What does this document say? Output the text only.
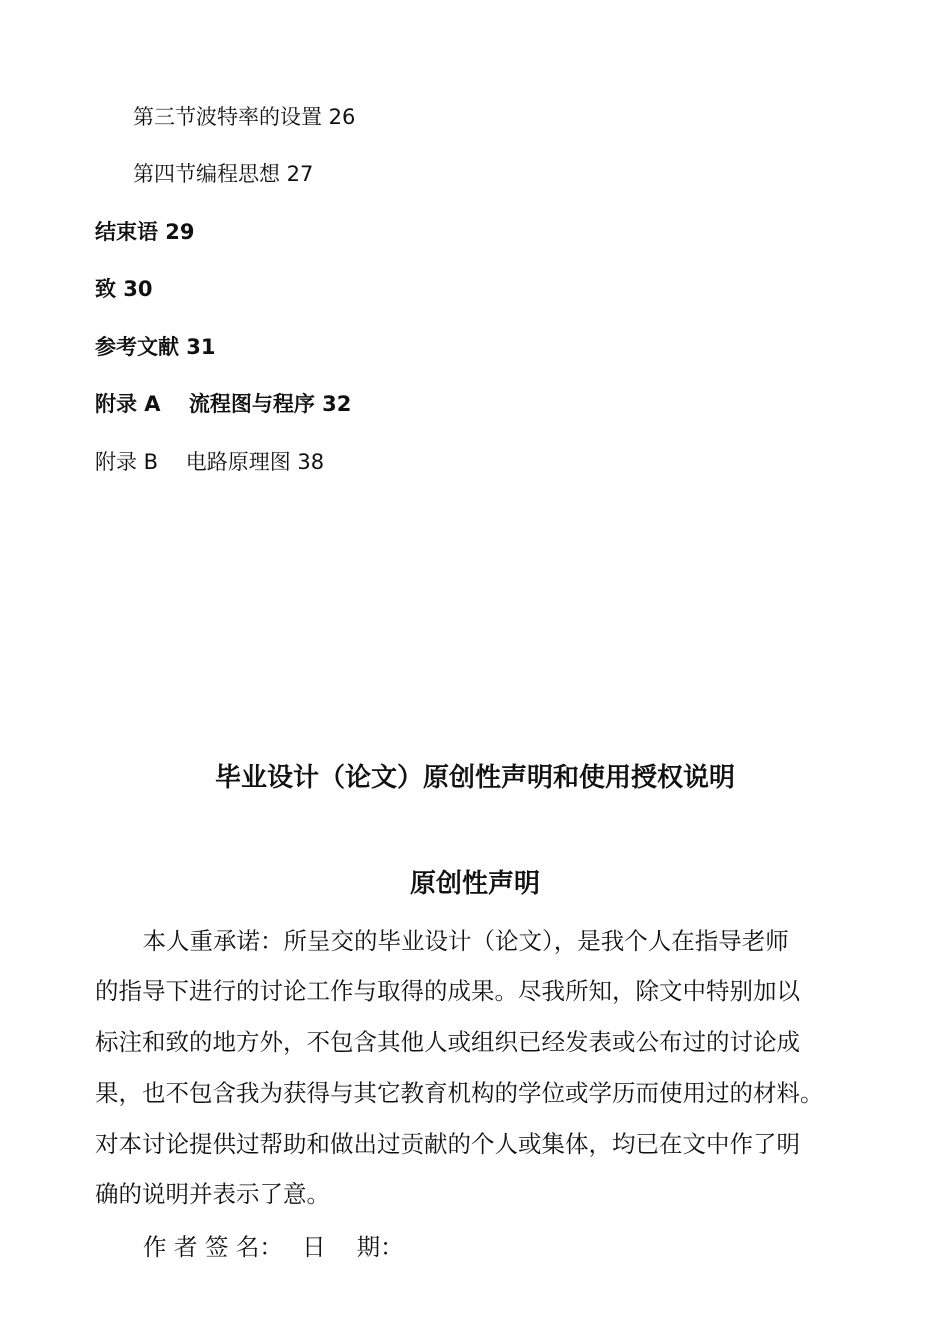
第三节波特率的设置 26
第四节编程思想 27
结束语 29
致 30
参考文献 31
附录 A　 流程图与程序 32
附录 B　 电路原理图 38
毕业设计（论文）原创性声明和使用授权说明
原创性声明
　本人重承诺：所呈交的毕业设计（论文），是我个人在指导老师
的指导下进行的讨论工作与取得的成果。尽我所知，除文中特别加以
标注和致的地方外，不包含其他人或组织已经发表或公布过的讨论成
果，也不包含我为获得与其它教育机构的学位或学历而使用过的材料。
对本讨论提供过帮助和做出过贡献的个人或集体，均已在文中作了明
确的说明并表示了意。
作 者 签 名：　 日　 期：
